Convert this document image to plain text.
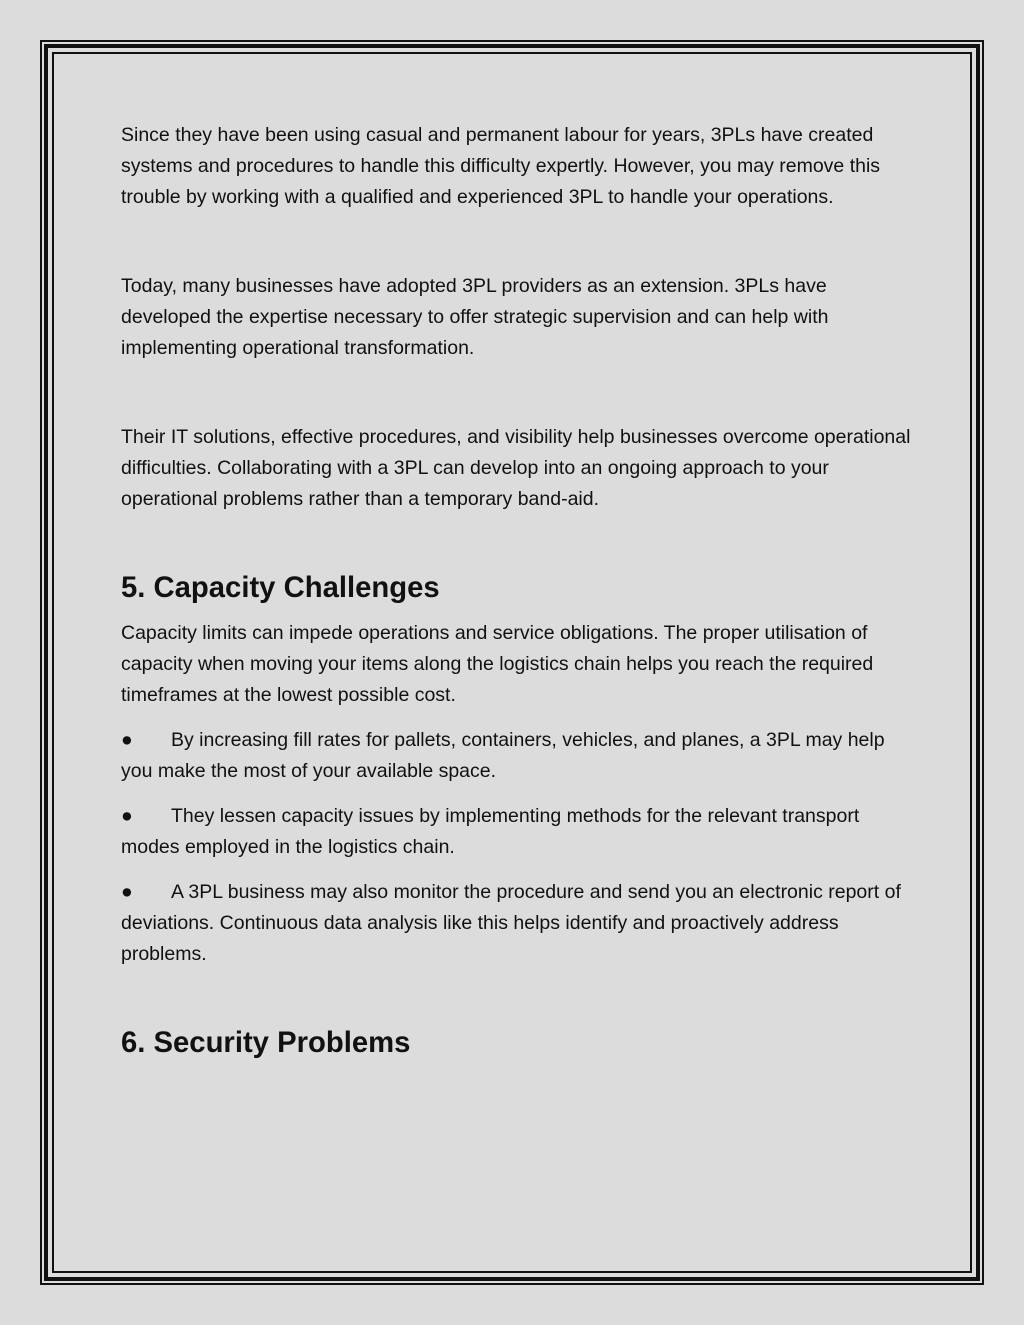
Since they have been using casual and permanent labour for years, 3PLs have created systems and procedures to handle this difficulty expertly. However, you may remove this trouble by working with a qualified and experienced 3PL to handle your operations.

Today, many businesses have adopted 3PL providers as an extension. 3PLs have developed the expertise necessary to offer strategic supervision and can help with implementing operational transformation.

Their IT solutions, effective procedures, and visibility help businesses overcome operational difficulties. Collaborating with a 3PL can develop into an ongoing approach to your operational problems rather than a temporary band-aid.

5. Capacity Challenges

Capacity limits can impede operations and service obligations. The proper utilisation of capacity when moving your items along the logistics chain helps you reach the required timeframes at the lowest possible cost.

● By increasing fill rates for pallets, containers, vehicles, and planes, a 3PL may help you make the most of your available space.

● They lessen capacity issues by implementing methods for the relevant transport modes employed in the logistics chain.

● A 3PL business may also monitor the procedure and send you an electronic report of deviations. Continuous data analysis like this helps identify and proactively address problems.

6. Security Problems
